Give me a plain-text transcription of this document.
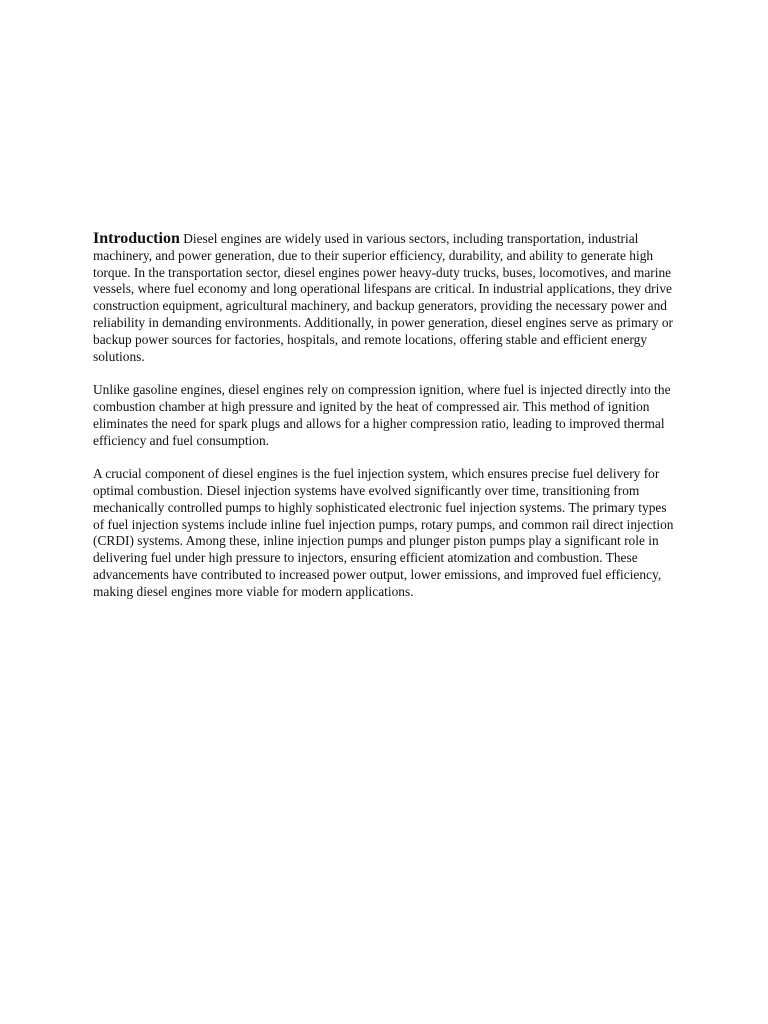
Introduction Diesel engines are widely used in various sectors, including transportation, industrial machinery, and power generation, due to their superior efficiency, durability, and ability to generate high torque. In the transportation sector, diesel engines power heavy-duty trucks, buses, locomotives, and marine vessels, where fuel economy and long operational lifespans are critical. In industrial applications, they drive construction equipment, agricultural machinery, and backup generators, providing the necessary power and reliability in demanding environments. Additionally, in power generation, diesel engines serve as primary or backup power sources for factories, hospitals, and remote locations, offering stable and efficient energy solutions.

Unlike gasoline engines, diesel engines rely on compression ignition, where fuel is injected directly into the combustion chamber at high pressure and ignited by the heat of compressed air. This method of ignition eliminates the need for spark plugs and allows for a higher compression ratio, leading to improved thermal efficiency and fuel consumption.

A crucial component of diesel engines is the fuel injection system, which ensures precise fuel delivery for optimal combustion. Diesel injection systems have evolved significantly over time, transitioning from mechanically controlled pumps to highly sophisticated electronic fuel injection systems. The primary types of fuel injection systems include inline fuel injection pumps, rotary pumps, and common rail direct injection (CRDI) systems. Among these, inline injection pumps and plunger piston pumps play a significant role in delivering fuel under high pressure to injectors, ensuring efficient atomization and combustion. These advancements have contributed to increased power output, lower emissions, and improved fuel efficiency, making diesel engines more viable for modern applications.
